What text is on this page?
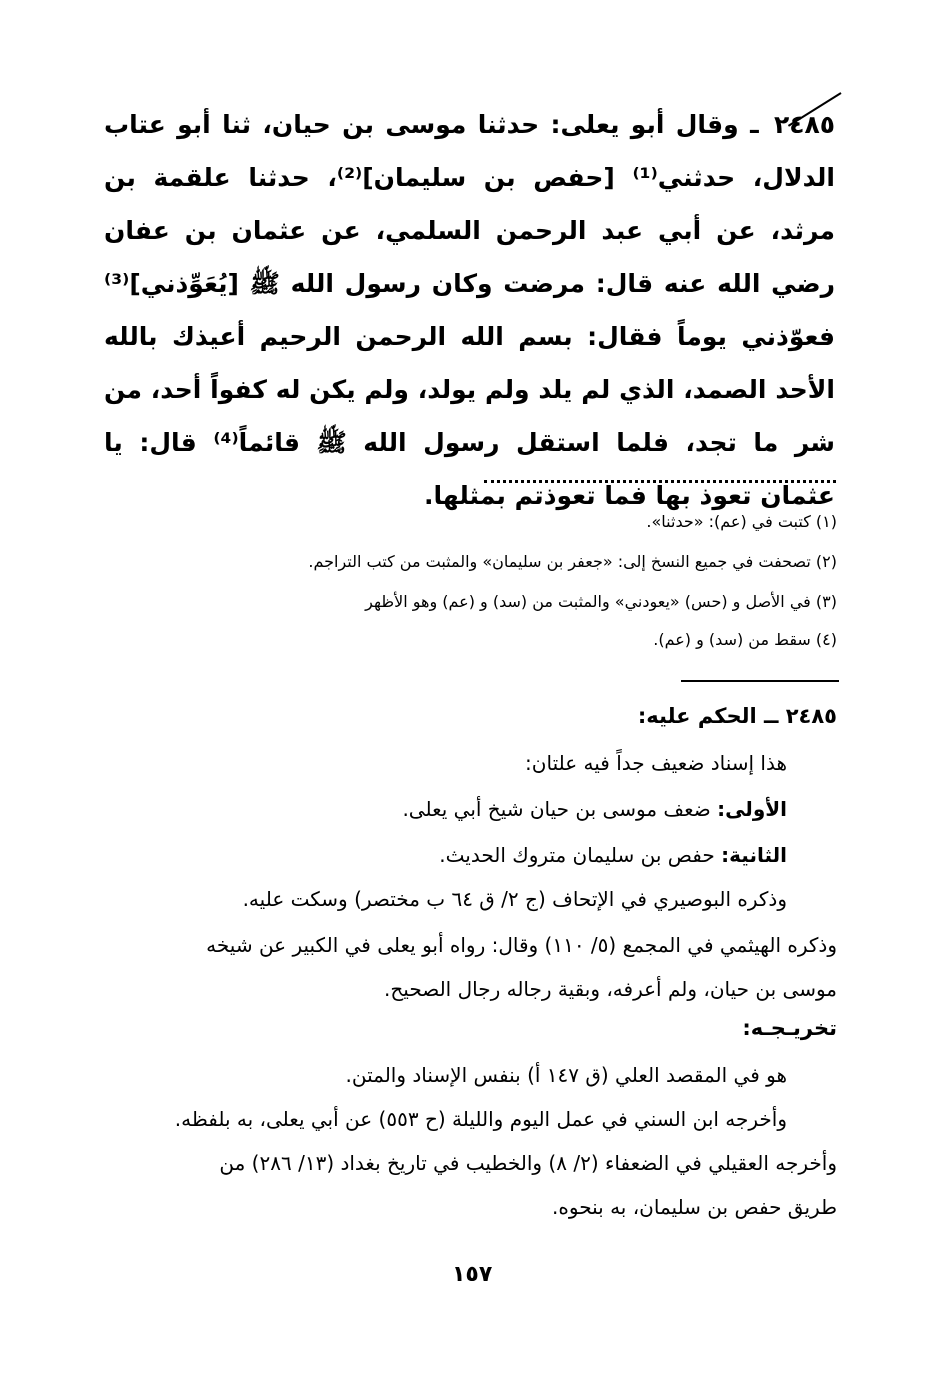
٢٤٨٥
ـ وقال أبو يعلى: حدثنا موسى بن حيان، ثنا أبو عتاب الدلال، حدثني⁽¹⁾ [حفص بن سليمان]⁽²⁾، حدثنا علقمة بن مرثد، عن أبي عبد الرحمن السلمي، عن عثمان بن عفان رضي الله عنه قال: مرضت وكان رسول الله ﷺ [يُعَوِّذني]⁽³⁾ فعوّذني يوماً فقال: بسم الله الرحمن الرحيم أعيذك بالله الأحد الصمد، الذي لم يلد ولم يولد، ولم يكن له كفواً أحد، من شر ما تجد، فلما استقل رسول الله ﷺ قائماً⁽⁴⁾ قال: يا عثمان تعوذ بها فما تعوذتم بمثلها.
(١) كتبت في (عم): «حدثنا».
(٢) تصحفت في جميع النسخ إلى: «جعفر بن سليمان» والمثبت من كتب التراجم.
(٣) في الأصل و (حس) «يعودني» والمثبت من (سد) و (عم) وهو الأظهر
(٤) سقط من (سد) و (عم).
٢٤٨٥ ــ الحكم عليه:
هذا إسناد ضعيف جداً فيه علتان:
الأولى: ضعف موسى بن حيان شيخ أبي يعلى.
الثانية: حفص بن سليمان متروك الحديث.
وذكره البوصيري في الإتحاف (ج ٢/ ق ٦٤ ب مختصر) وسكت عليه.
وذكره الهيثمي في المجمع (٥/ ١١٠) وقال: رواه أبو يعلى في الكبير عن شيخه
موسى بن حيان، ولم أعرفه، وبقية رجاله رجال الصحيح.
تخريـجـه:
هو في المقصد العلي (ق ١٤٧ أ) بنفس الإسناد والمتن.
وأخرجه ابن السني في عمل اليوم والليلة (ح ٥٥٣) عن أبي يعلى، به بلفظه.
وأخرجه العقيلي في الضعفاء (٢/ ٨) والخطيب في تاريخ بغداد (١٣/ ٢٨٦) من
طريق حفص بن سليمان، به بنحوه.
١٥٧
